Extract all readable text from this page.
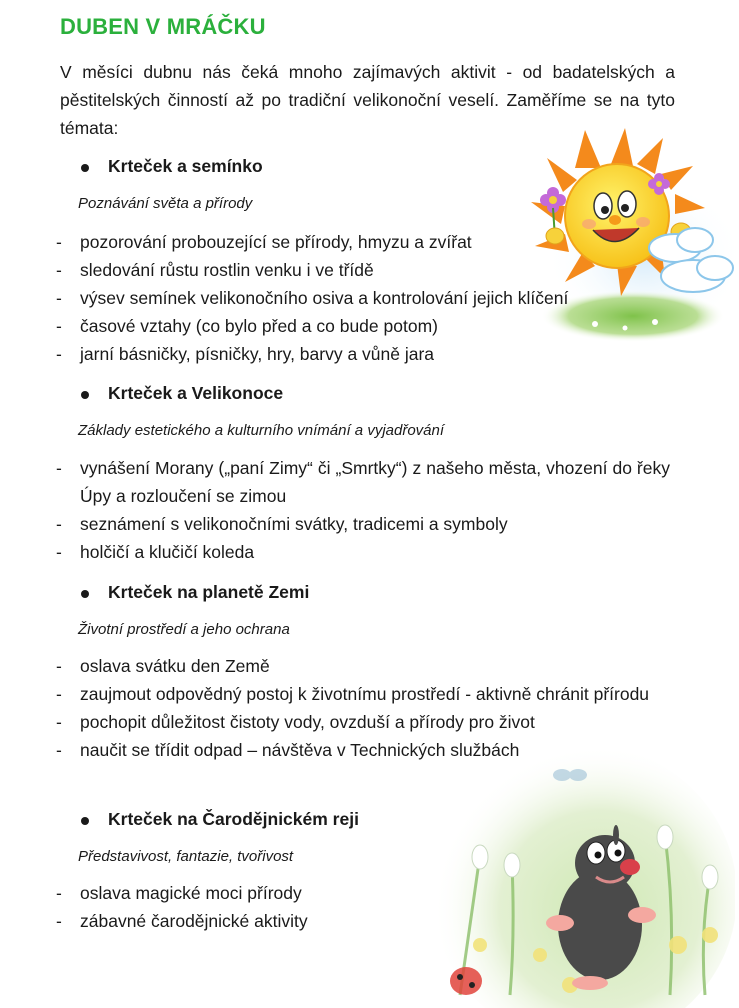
DUBEN V MRÁČKU
V měsíci dubnu nás čeká mnoho zajímavých aktivit - od badatelských a pěstitelských činností až po tradiční velikonoční veselí. Zaměříme se na tyto témata:
Krteček a semínko
Poznávání světa a přírody
- pozorování probouzející se přírody, hmyzu a zvířat
- sledování růstu rostlin venku i ve třídě
- výsev semínek velikonočního osiva a kontrolování jejich klíčení
- časové vztahy (co bylo před a co bude potom)
- jarní básničky, písničky, hry, barvy a vůně jara
Krteček a Velikonoce
Základy estetického a kulturního vnímání a vyjadřování
- vynášení Morany („paní Zimy“ či „Smrtky“) z našeho města, vhození do řeky Úpy a rozloučení se zimou
- seznámení s velikonočními svátky, tradicemi a symboly
- holčičí a klučičí koleda
Krteček na planetě Zemi
Životní prostředí a jeho ochrana
- oslava svátku den Země
- zaujmout odpovědný postoj k životnímu prostředí - aktivně chránit přírodu
- pochopit důležitost čistoty vody, ovzduší a přírody pro život
- naučit se třídit odpad – návštěva v Technických službách
Krteček na Čarodějnickém reji
Představivost, fantazie, tvořivost
- oslava magické moci přírody
- zábavné čarodějnické aktivity
